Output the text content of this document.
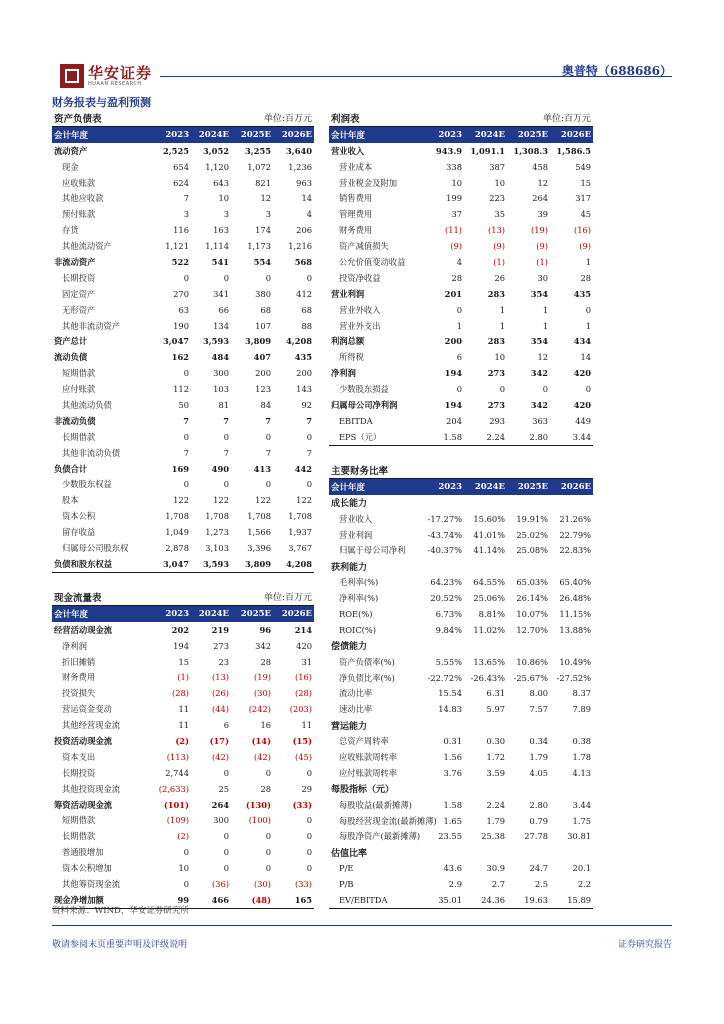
华安证券
HUAAN RESEARCH
奥普特（688686）
财务报表与盈利预测
资产负债表			单位:百万元	
会计年度	2023	2024E	2025E	2026E
流动资产	2,525	3,052	3,255	3,640
现金	654	1,120	1,072	1,236
应收账款	624	643	821	963
其他应收款	7	10	12	14
预付账款	3	3	3	4
存货	116	163	174	206
其他流动资产	1,121	1,114	1,173	1,216
非流动资产	522	541	554	568
长期投资	0	0	0	0
固定资产	270	341	380	412
无形资产	63	66	68	68
其他非流动资产	190	134	107	88
资产总计	3,047	3,593	3,809	4,208
流动负债	162	484	407	435
短期借款	0	300	200	200
应付账款	112	103	123	143
其他流动负债	50	81	84	92
非流动负债	7	7	7	7
长期借款	0	0	0	0
其他非流动负债	7	7	7	7
负债合计	169	490	413	442
少数股东权益	0	0	0	0
股本	122	122	122	122
资本公积	1,708	1,708	1,708	1,708
留存收益	1,049	1,273	1,566	1,937
归属母公司股东权	2,878	3,103	3,396	3,767
负债和股东权益	3,047	3,593	3,809	4,208
现金流量表			单位:百万元	
会计年度	2023	2024E	2025E	2026E
经营活动现金流	202	219	96	214
净利润	194	273	342	420
折旧摊销	15	23	28	31
财务费用	(1)	(13)	(19)	(16)
投资损失	(28)	(26)	(30)	(28)
营运资金变动	11	(44)	(242)	(203)
其他经营现金流	11	6	16	11
投资活动现金流	(2)	(17)	(14)	(15)
资本支出	(113)	(42)	(42)	(45)
长期投资	2,744	0	0	0
其他投资现金流	(2,633)	25	28	29
筹资活动现金流	(101)	264	(130)	(33)
短期借款	(109)	300	(100)	0
长期借款	(2)	0	0	0
普通股增加	0	0	0	0
资本公积增加	10	0	0	0
其他筹资现金流	0	(36)	(30)	(33)
现金净增加额	99	466	(48)	165
利润表			单位:百万元	
会计年度	2023	2024E	2025E	2026E
营业收入	943.9	1,091.1	1,308.3	1,586.5
营业成本	338	387	458	549
营业税金及附加	10	10	12	15
销售费用	199	223	264	317
管理费用	37	35	39	45
财务费用	(11)	(13)	(19)	(16)
资产减值损失	(9)	(9)	(9)	(9)
公允价值变动收益	4	(1)	(1)	1
投资净收益	28	26	30	28
营业利润	201	283	354	435
营业外收入	0	1	1	0
营业外支出	1	1	1	1
利润总额	200	283	354	434
所得税	6	10	12	14
净利润	194	273	342	420
少数股东损益	0	0	0	0
归属母公司净利润	194	273	342	420
EBITDA	204	293	363	449
EPS（元）	1.58	2.24	2.80	3.44
主要财务比率				
会计年度	2023	2024E	2025E	2026E
成长能力				
营业收入	-17.27%	15.60%	19.91%	21.26%
营业利润	-43.74%	41.01%	25.02%	22.79%
归属于母公司净利	-40.37%	41.14%	25.08%	22.83%
获利能力				
毛利率(%)	64.23%	64.55%	65.03%	65.40%
净利率(%)	20.52%	25.06%	26.14%	26.48%
ROE(%)	6.73%	8.81%	10.07%	11.15%
ROIC(%)	9.84%	11.02%	12.70%	13.88%
偿债能力				
资产负债率(%)	5.55%	13.65%	10.86%	10.49%
净负债比率(%)	-22.72%	-26.43%	-25.67%	-27.52%
流动比率	15.54	6.31	8.00	8.37
速动比率	14.83	5.97	7.57	7.89
营运能力				
总资产周转率	0.31	0.30	0.34	0.38
应收账款周转率	1.56	1.72	1.79	1.78
应付账款周转率	3.76	3.59	4.05	4.13
每股指标（元）				
每股收益(最新摊薄)	1.58	2.24	2.80	3.44
每股经营现金流(最新摊薄)	1.65	1.79	0.79	1.75
每股净资产(最新摊薄)	23.55	25.38	27.78	30.81
估值比率				
P/E	43.6	30.9	24.7	20.1
P/B	2.9	2.7	2.5	2.2
EV/EBITDA	35.01	24.36	19.63	15.89
资料来源：WIND，华安证券研究所
敬请参阅末页重要声明及评级说明	证券研究报告
